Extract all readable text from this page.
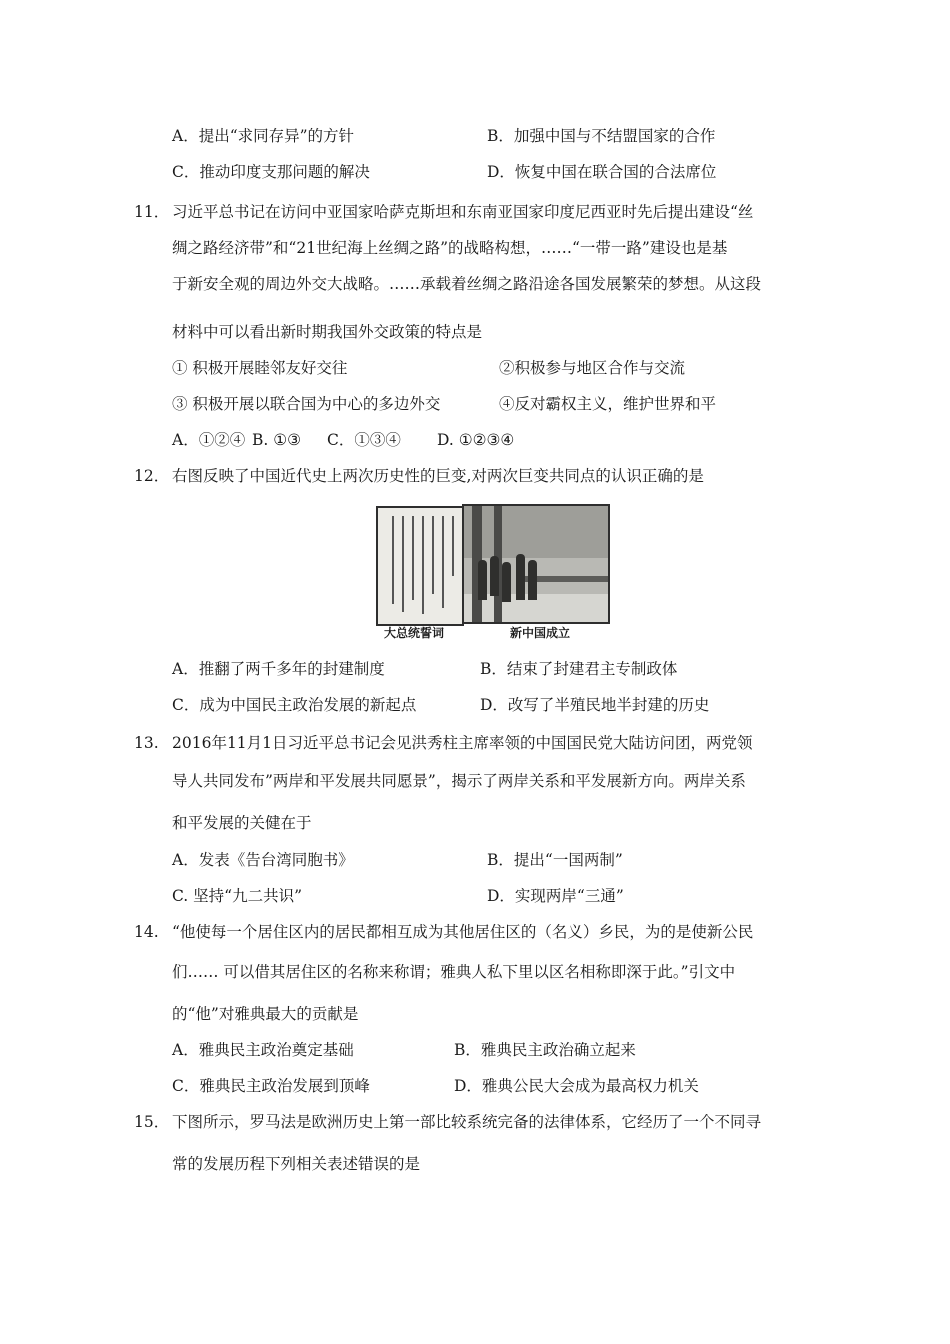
A．提出“求同存异”的方针	B．加强中国与不结盟国家的合作
C．推动印度支那问题的解决	D．恢复中国在联合国的合法席位
11． 习近平总书记在访问中亚国家哈萨克斯坦和东南亚国家印度尼西亚时先后提出建设“丝
绸之路经济带”和“21世纪海上丝绸之路”的战略构想，……“一带一路”建设也是基
于新安全观的周边外交大战略。……承载着丝绸之路沿途各国发展繁荣的梦想。从这段
材料中可以看出新时期我国外交政策的特点是
① 积极开展睦邻友好交往	②积极参与地区合作与交流
③ 积极开展以联合国为中心的多边外交	④反对霸权主义，维护世界和平
A．①②④ B. ①③ C．①③④ D. ①②③④
12． 右图反映了中国近代史上两次历史性的巨变,对两次巨变共同点的认识正确的是
大总统誓词	新中国成立
A．推翻了两千多年的封建制度	B．结束了封建君主专制政体
C．成为中国民主政治发展的新起点	D．改写了半殖民地半封建的历史
13. 2016年11月1日习近平总书记会见洪秀柱主席率领的中国国民党大陆访问团，两党领
导人共同发布”两岸和平发展共同愿景”，揭示了两岸关系和平发展新方向。两岸关系
和平发展的关健在于
A．发表《告台湾同胞书》	B．提出“一国两制”
C. 坚持“九二共识”	D．实现两岸“三通”
14. “他使每一个居住区内的居民都相互成为其他居住区的（名义）乡民，为的是使新公民
们…… 可以借其居住区的名称来称谓；雅典人私下里以区名相称即深于此。”引文中
的“他”对雅典最大的贡献是
A．雅典民主政治奠定基础	B．雅典民主政治确立起来
C．雅典民主政治发展到顶峰	D．雅典公民大会成为最高权力机关
15． 下图所示，罗马法是欧洲历史上第一部比较系统完备的法律体系，它经历了一个不同寻
常的发展历程下列相关表述错误的是
